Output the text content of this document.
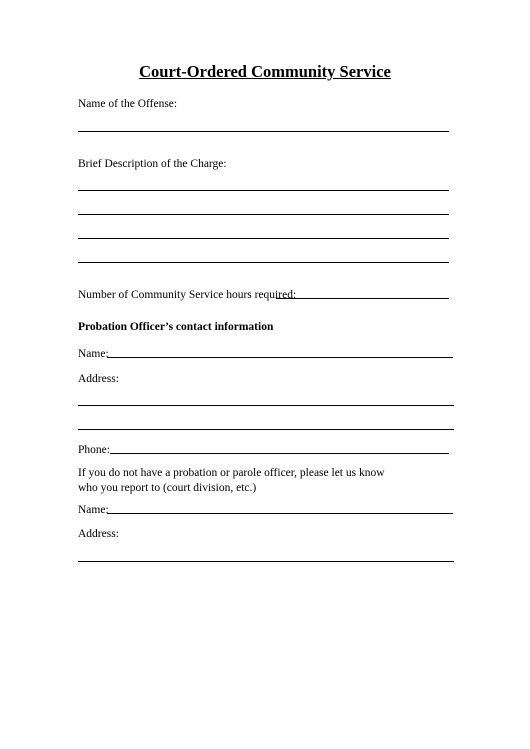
Court-Ordered Community Service
Name of the Offense:
Brief Description of the Charge:
Number of Community Service hours required:
Probation Officer’s contact information
Name:
Address:
Phone:
If you do not have a probation or parole officer, please let us know
who you report to (court division, etc.)
Name:
Address:
